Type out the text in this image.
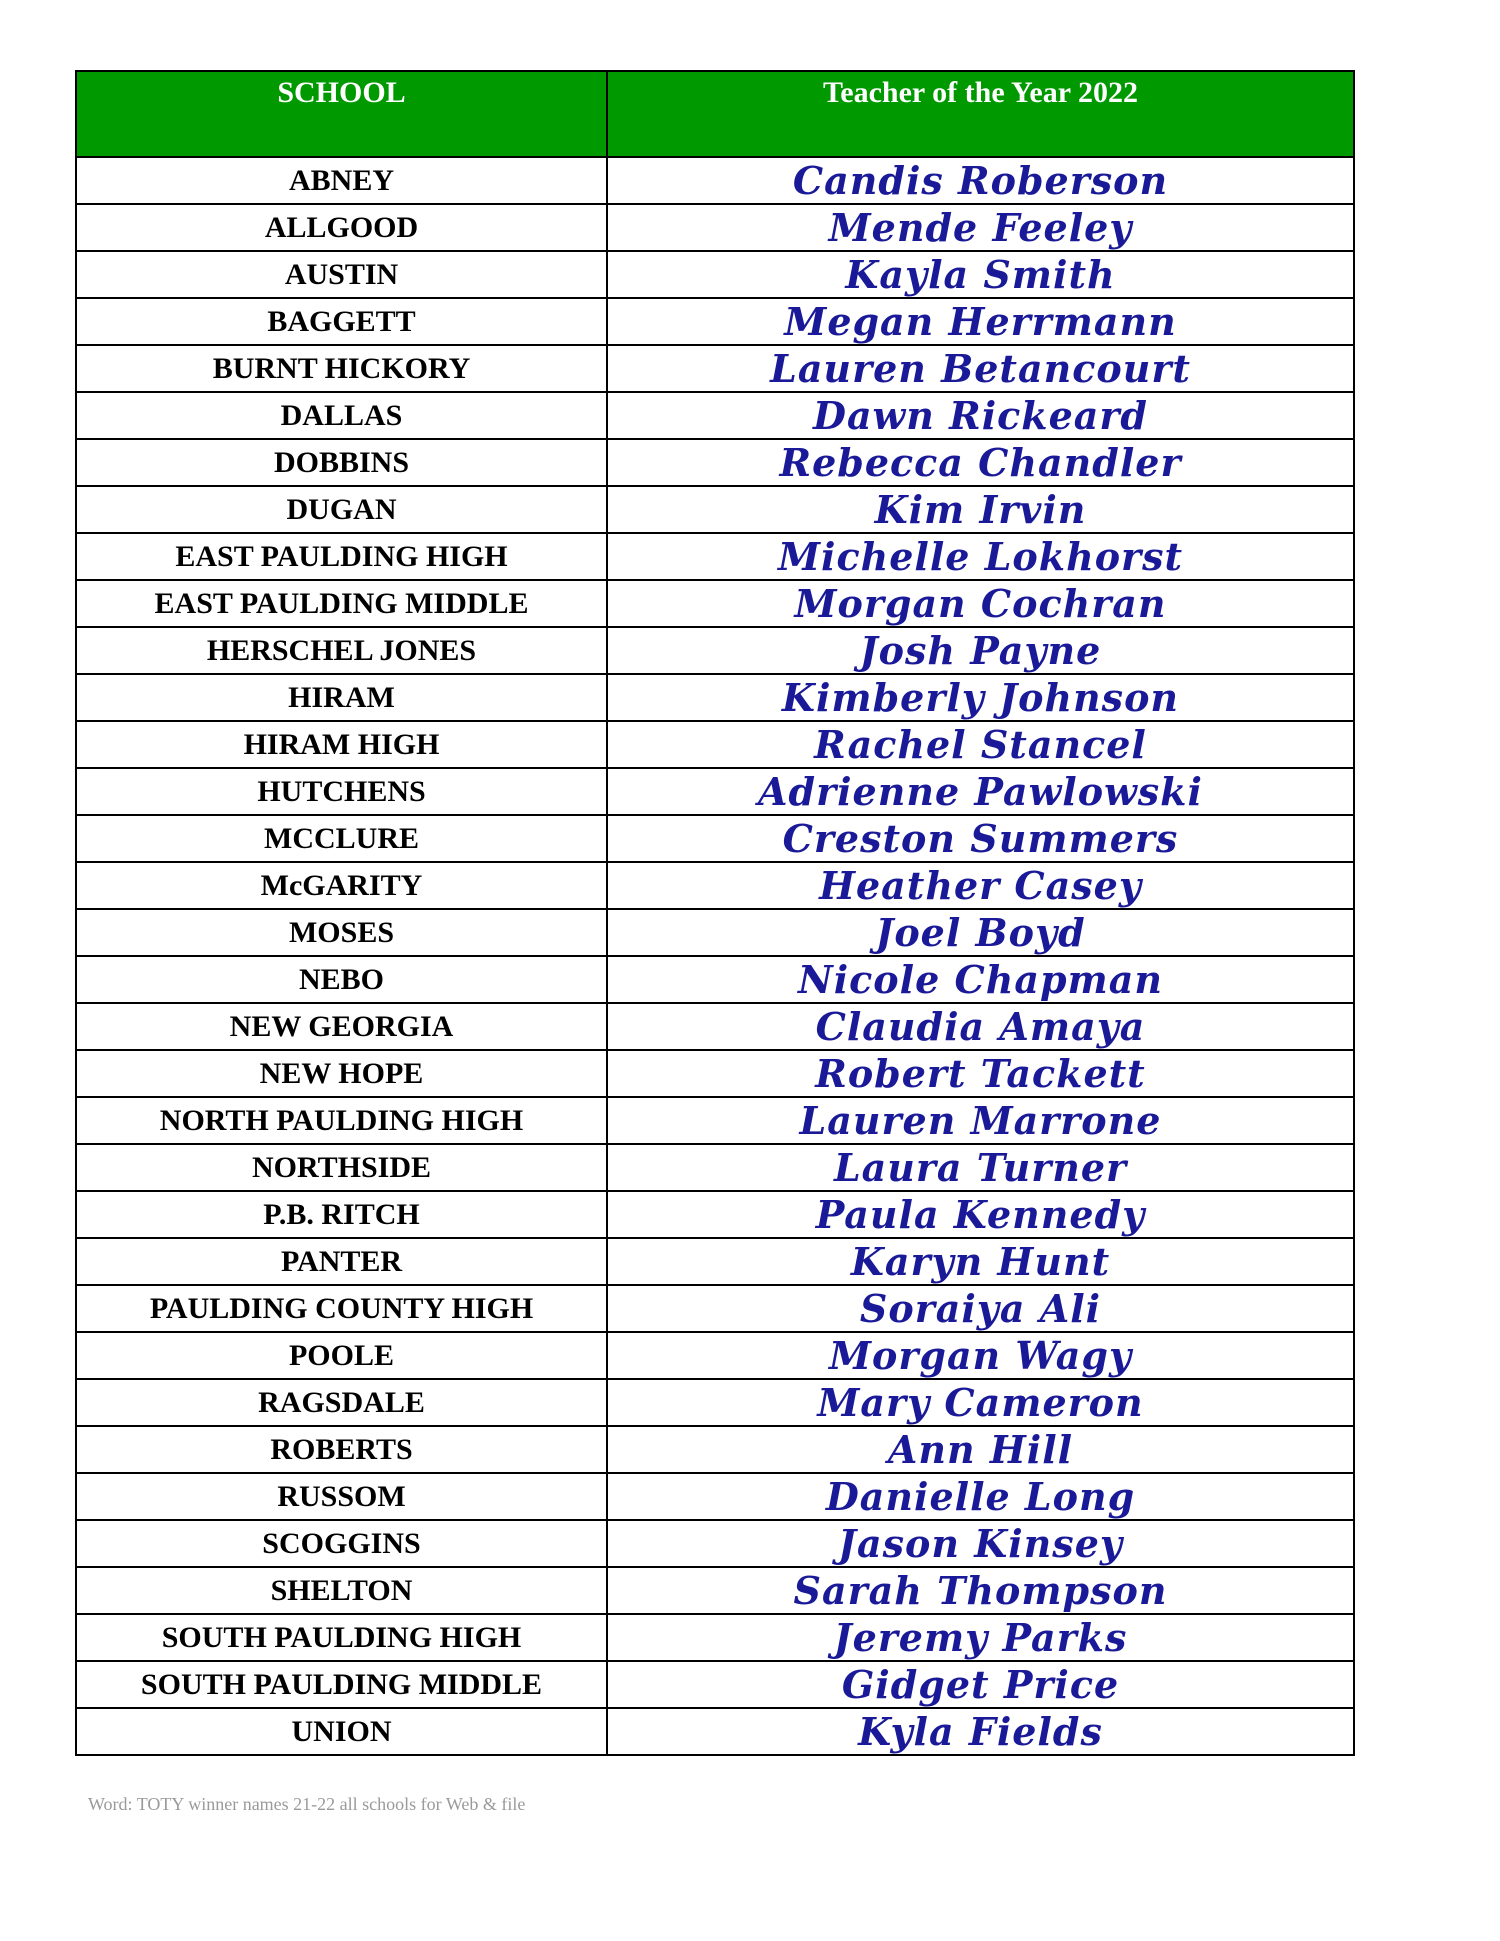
SCHOOL	Teacher of the Year 2022
ABNEY	Candis Roberson
ALLGOOD	Mende Feeley
AUSTIN	Kayla Smith
BAGGETT	Megan Herrmann
BURNT HICKORY	Lauren Betancourt
DALLAS	Dawn Rickeard
DOBBINS	Rebecca Chandler
DUGAN	Kim Irvin
EAST PAULDING HIGH	Michelle Lokhorst
EAST PAULDING MIDDLE	Morgan Cochran
HERSCHEL JONES	Josh Payne
HIRAM	Kimberly Johnson
HIRAM HIGH	Rachel Stancel
HUTCHENS	Adrienne Pawlowski
MCCLURE	Creston Summers
McGARITY	Heather Casey
MOSES	Joel Boyd
NEBO	Nicole Chapman
NEW GEORGIA	Claudia Amaya
NEW HOPE	Robert Tackett
NORTH PAULDING HIGH	Lauren Marrone
NORTHSIDE	Laura Turner
P.B. RITCH	Paula Kennedy
PANTER	Karyn Hunt
PAULDING COUNTY HIGH	Soraiya Ali
POOLE	Morgan Wagy
RAGSDALE	Mary Cameron
ROBERTS	Ann Hill
RUSSOM	Danielle Long
SCOGGINS	Jason Kinsey
SHELTON	Sarah Thompson
SOUTH PAULDING HIGH	Jeremy Parks
SOUTH PAULDING MIDDLE	Gidget Price
UNION	Kyla Fields
Word: TOTY winner names 21-22 all schools for Web & file
